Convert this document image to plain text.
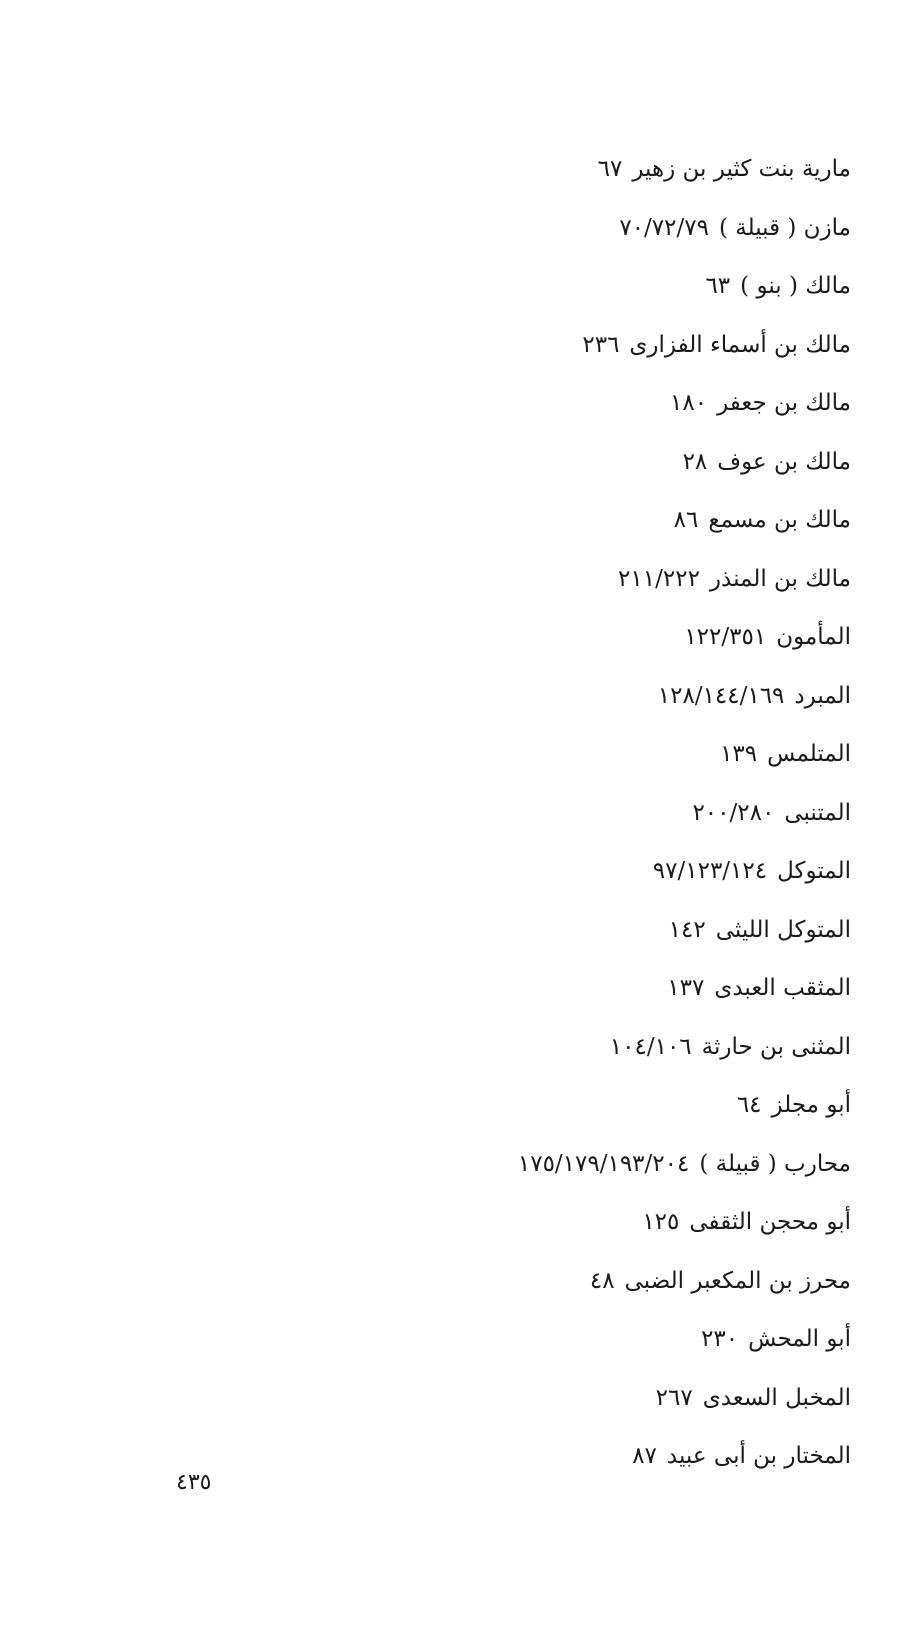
مارية بنت كثير بن زهير٦٧
مازن ( قبيلة )٧٠/٧٢/٧٩
مالك ( بنو )٦٣
مالك بن أسماء الفزارى٢٣٦
مالك بن جعفر١٨٠
مالك بن عوف٢٨
مالك بن مسمع٨٦
مالك بن المنذر٢١١/٢٢٢
المأمون١٢٢/٣٥١
المبرد١٢٨/١٤٤/١٦٩
المتلمس١٣٩
المتنبى٢٠٠/٢٨٠
المتوكل٩٧/١٢٣/١٢٤
المتوكل الليثى١٤٢
المثقب العبدى١٣٧
المثنى بن حارثة١٠٤/١٠٦
أبو مجلز٦٤
محارب ( قبيلة )١٧٥/١٧٩/١٩٣/٢٠٤
أبو محجن الثقفى١٢٥
محرز بن المكعبر الضبى٤٨
أبو المحش٢٣٠
المخبل السعدى٢٦٧
المختار بن أبى عبيد٨٧
٤٣٥
